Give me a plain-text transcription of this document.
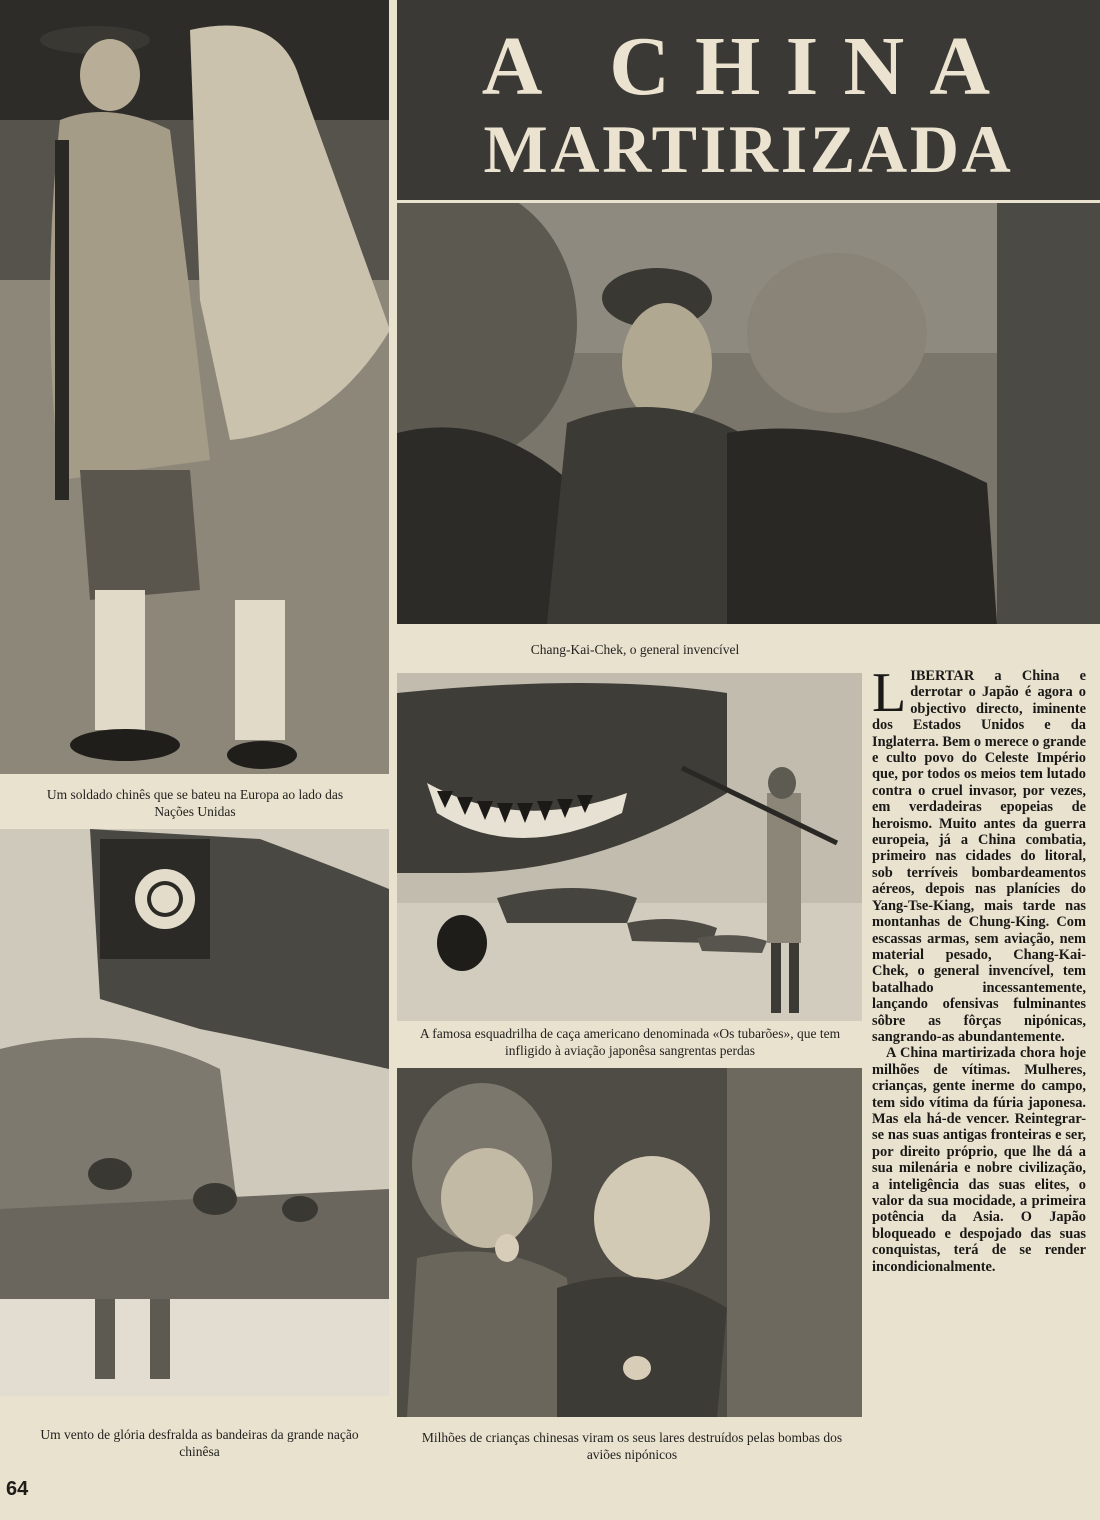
Um soldado chinês que se bateu na Europa ao lado das Nações Unidas
A CHINA
MARTIRIZADA
Chang-Kai-Chek, o general invencível
A famosa esquadrilha de caça americano denominada «Os tubarões», que tem infligido à aviação japonêsa sangrentas perdas
Um vento de glória desfralda as bandeiras da grande nação chinêsa
Milhões de crianças chinesas viram os seus lares destruídos pelas bombas dos aviões nipónicos

LIBERTAR a China e derrotar o Japão é agora o objectivo directo, iminente dos Estados Unidos e da Inglaterra. Bem o merece o grande e culto povo do Celeste Império que, por todos os meios tem lutado contra o cruel invasor, por vezes, em verdadeiras epopeias de heroismo. Muito antes da guerra europeia, já a China combatia, primeiro nas cidades do litoral, sob terríveis bombardeamentos aéreos, depois nas planícies do Yang-Tse-Kiang, mais tarde nas montanhas de Chung-King. Com escassas armas, sem aviação, nem material pesado, Chang-Kai-Chek, o general invencível, tem batalhado incessantemente, lançando ofensivas fulminantes sôbre as fôrças nipónicas, sangrando-as abundantemente.

A China martirizada chora hoje milhões de vítimas. Mulheres, crianças, gente inerme do campo, tem sido vítima da fúria japonesa. Mas ela há-de vencer. Reintegrar-se nas suas antigas fronteiras e ser, por direito próprio, que lhe dá a sua milenária e nobre civilização, a inteligência das suas elites, o valor da sua mocidade, a primeira potência da Asia. O Japão bloqueado e despojado das suas conquistas, terá de se render incondicionalmente.

64
